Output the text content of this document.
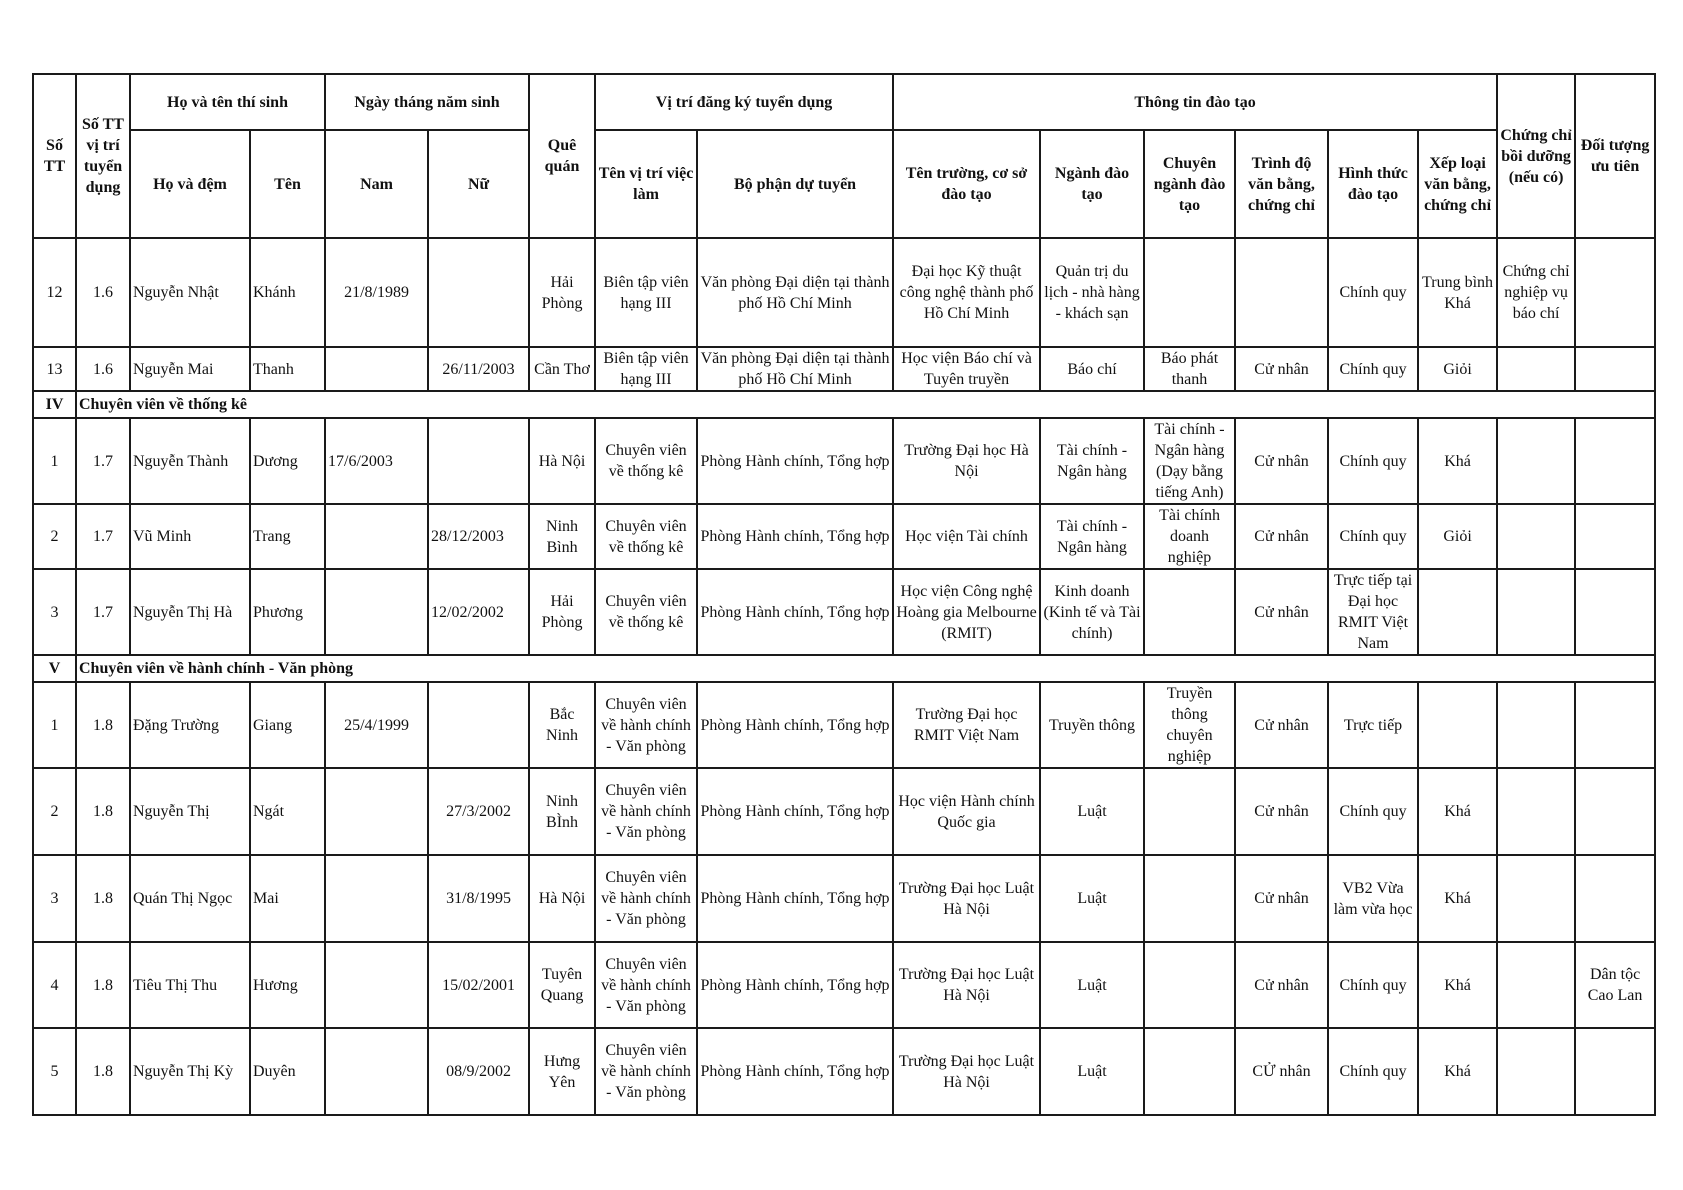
Số TT	Số TT vị trí tuyển dụng	Họ và tên thí sinh		Ngày tháng năm sinh		Quê quán	Vị trí đăng ký tuyển dụng		Thông tin đào tạo						Chứng chỉ bồi dưỡng (nếu có)	Đối tượng ưu tiên
		Họ và đệm	Tên	Nam	Nữ		Tên vị trí việc làm	Bộ phận dự tuyển	Tên trường, cơ sở đào tạo	Ngành đào tạo	Chuyên ngành đào tạo	Trình độ văn bằng, chứng chỉ	Hình thức đào tạo	Xếp loại văn bằng, chứng chỉ		
12	1.6	Nguyễn Nhật	Khánh	21/8/1989		Hải Phòng	Biên tập viên hạng III	Văn phòng Đại diện tại thành phố Hồ Chí Minh	Đại học Kỹ thuật công nghệ thành phố Hồ Chí Minh	Quản trị du lịch - nhà hàng - khách sạn			Chính quy	Trung bình Khá	Chứng chỉ nghiệp vụ báo chí	
13	1.6	Nguyễn Mai	Thanh		26/11/2003	Cần Thơ	Biên tập viên hạng III	Văn phòng Đại diện tại thành phố Hồ Chí Minh	Học viện Báo chí và Tuyên truyền	Báo chí	Báo phát thanh	Cử nhân	Chính quy	Giỏi		
IV	Chuyên viên về thống kê															
1	1.7	Nguyễn Thành	Dương	17/6/2003		Hà Nội	Chuyên viên về thống kê	Phòng Hành chính, Tổng hợp	Trường Đại học Hà Nội	Tài chính - Ngân hàng	Tài chính - Ngân hàng (Dạy bằng tiếng Anh)	Cử nhân	Chính quy	Khá		
2	1.7	Vũ Minh	Trang		28/12/2003	Ninh Bình	Chuyên viên về thống kê	Phòng Hành chính, Tổng hợp	Học viện Tài chính	Tài chính - Ngân hàng	Tài chính doanh nghiệp	Cử nhân	Chính quy	Giỏi		
3	1.7	Nguyễn Thị Hà	Phương		12/02/2002	Hải Phòng	Chuyên viên về thống kê	Phòng Hành chính, Tổng hợp	Học viện Công nghệ Hoàng gia Melbourne (RMIT)	Kinh doanh (Kinh tế và Tài chính)		Cử nhân	Trực tiếp tại Đại học RMIT Việt Nam			
V	Chuyên viên về hành chính - Văn phòng															
1	1.8	Đặng Trường	Giang	25/4/1999		Bắc Ninh	Chuyên viên về hành chính - Văn phòng	Phòng Hành chính, Tổng hợp	Trường Đại học RMIT Việt Nam	Truyền thông	Truyền thông chuyên nghiệp	Cử nhân	Trực tiếp			
2	1.8	Nguyễn Thị	Ngát		27/3/2002	Ninh BÌnh	Chuyên viên về hành chính - Văn phòng	Phòng Hành chính, Tổng hợp	Học viện Hành chính Quốc gia	Luật		Cử nhân	Chính quy	Khá		
3	1.8	Quán Thị Ngọc	Mai		31/8/1995	Hà Nội	Chuyên viên về hành chính - Văn phòng	Phòng Hành chính, Tổng hợp	Trường Đại học Luật Hà Nội	Luật		Cử nhân	VB2 Vừa làm vừa học	Khá		
4	1.8	Tiêu Thị Thu	Hương		15/02/2001	Tuyên Quang	Chuyên viên về hành chính - Văn phòng	Phòng Hành chính, Tổng hợp	Trường Đại học Luật Hà Nội	Luật		Cử nhân	Chính quy	Khá		Dân tộc Cao Lan
5	1.8	Nguyễn Thị Kỳ	Duyên		08/9/2002	Hưng Yên	Chuyên viên về hành chính - Văn phòng	Phòng Hành chính, Tổng hợp	Trường Đại học Luật Hà Nội	Luật		CỬ nhân	Chính quy	Khá		
